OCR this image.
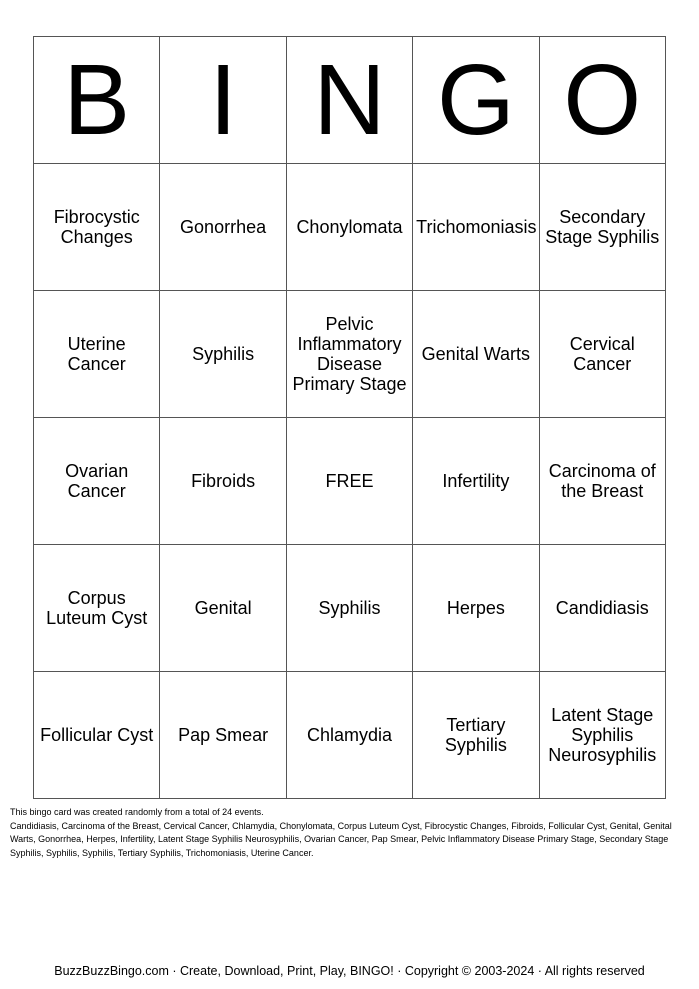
B	I	N	G	O

Fibrocystic Changes	Gonorrhea	Chonylomata	Trichomoniasis	Secondary Stage Syphilis

Uterine Cancer	Syphilis	Pelvic Inflammatory Disease Primary Stage	Genital Warts	Cervical Cancer

Ovarian Cancer	Fibroids	FREE	Infertility	Carcinoma of the Breast

Corpus Luteum Cyst	Genital	Syphilis	Herpes	Candidiasis

Follicular Cyst	Pap Smear	Chlamydia	Tertiary Syphilis	Latent Stage Syphilis Neurosyphilis

This bingo card was created randomly from a total of 24 events.

Candidiasis, Carcinoma of the Breast, Cervical Cancer, Chlamydia, Chonylomata, Corpus Luteum Cyst, Fibrocystic Changes, Fibroids, Follicular Cyst, Genital, Genital Warts, Gonorrhea, Herpes, Infertility, Latent Stage Syphilis Neurosyphilis, Ovarian Cancer, Pap Smear, Pelvic Inflammatory Disease Primary Stage, Secondary Stage Syphilis, Syphilis, Syphilis, Tertiary Syphilis, Trichomoniasis, Uterine Cancer.

BuzzBuzzBingo.com · Create, Download, Print, Play, BINGO! · Copyright © 2003-2024 · All rights reserved
